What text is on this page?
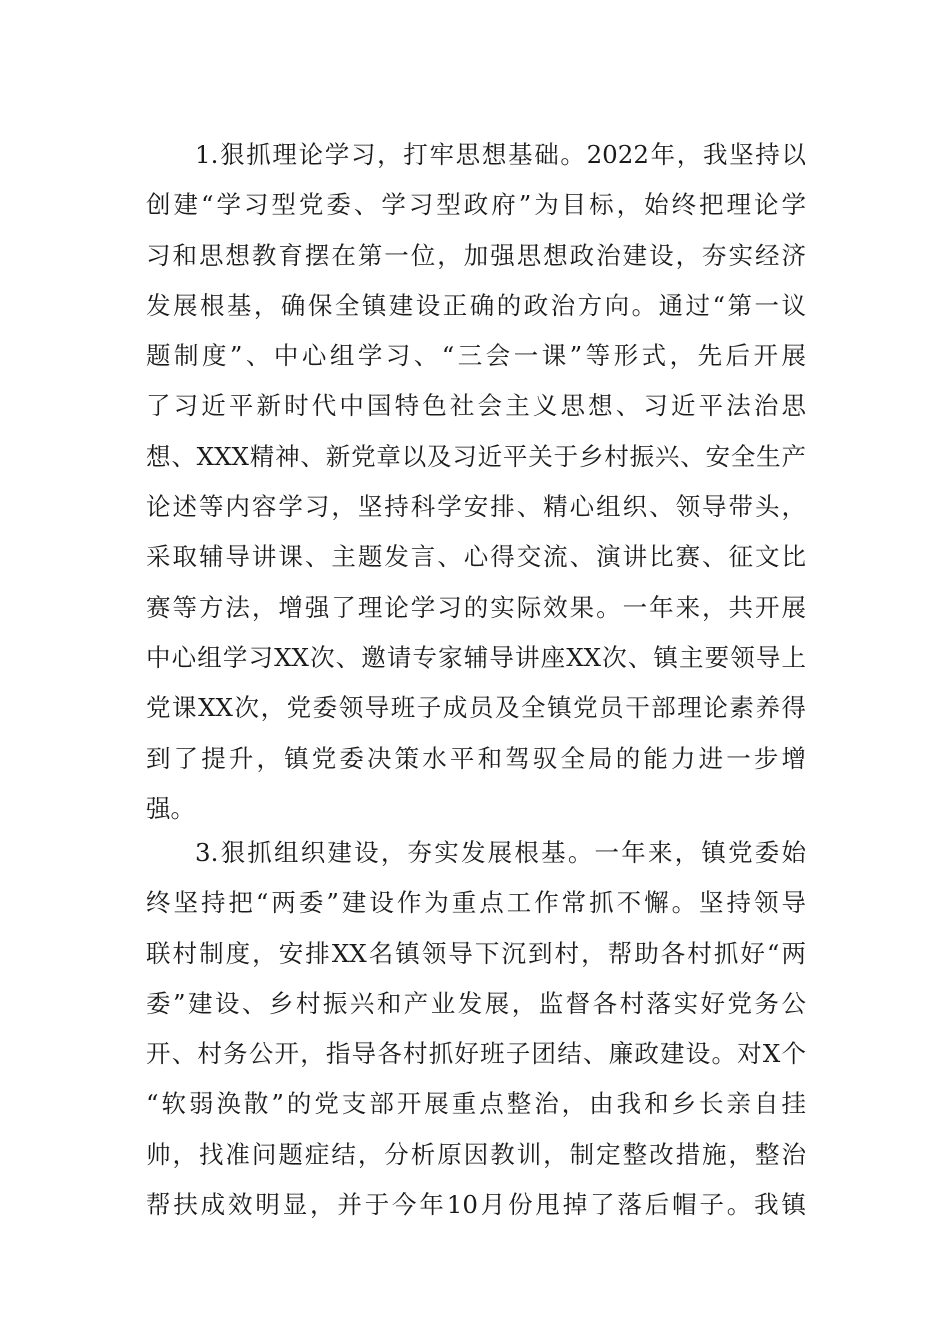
1.狠抓理论学习，打牢思想基础。2022年，我坚持以
创建“学习型党委、学习型政府”为目标，始终把理论学
习和思想教育摆在第一位，加强思想政治建设，夯实经济
发展根基，确保全镇建设正确的政治方向。通过“第一议
题制度”、中心组学习、“三会一课”等形式，先后开展
了习近平新时代中国特色社会主义思想、习近平法治思
想、XXX精神、新党章以及习近平关于乡村振兴、安全生产
论述等内容学习，坚持科学安排、精心组织、领导带头，
采取辅导讲课、主题发言、心得交流、演讲比赛、征文比
赛等方法，增强了理论学习的实际效果。一年来，共开展
中心组学习XX次、邀请专家辅导讲座XX次、镇主要领导上
党课XX次，党委领导班子成员及全镇党员干部理论素养得
到了提升，镇党委决策水平和驾驭全局的能力进一步增
强。
3.狠抓组织建设，夯实发展根基。一年来，镇党委始
终坚持把“两委”建设作为重点工作常抓不懈。坚持领导
联村制度，安排XX名镇领导下沉到村，帮助各村抓好“两
委”建设、乡村振兴和产业发展，监督各村落实好党务公
开、村务公开，指导各村抓好班子团结、廉政建设。对X个
“软弱涣散”的党支部开展重点整治，由我和乡长亲自挂
帅，找准问题症结，分析原因教训，制定整改措施，整治
帮扶成效明显，并于今年10月份甩掉了落后帽子。我镇
